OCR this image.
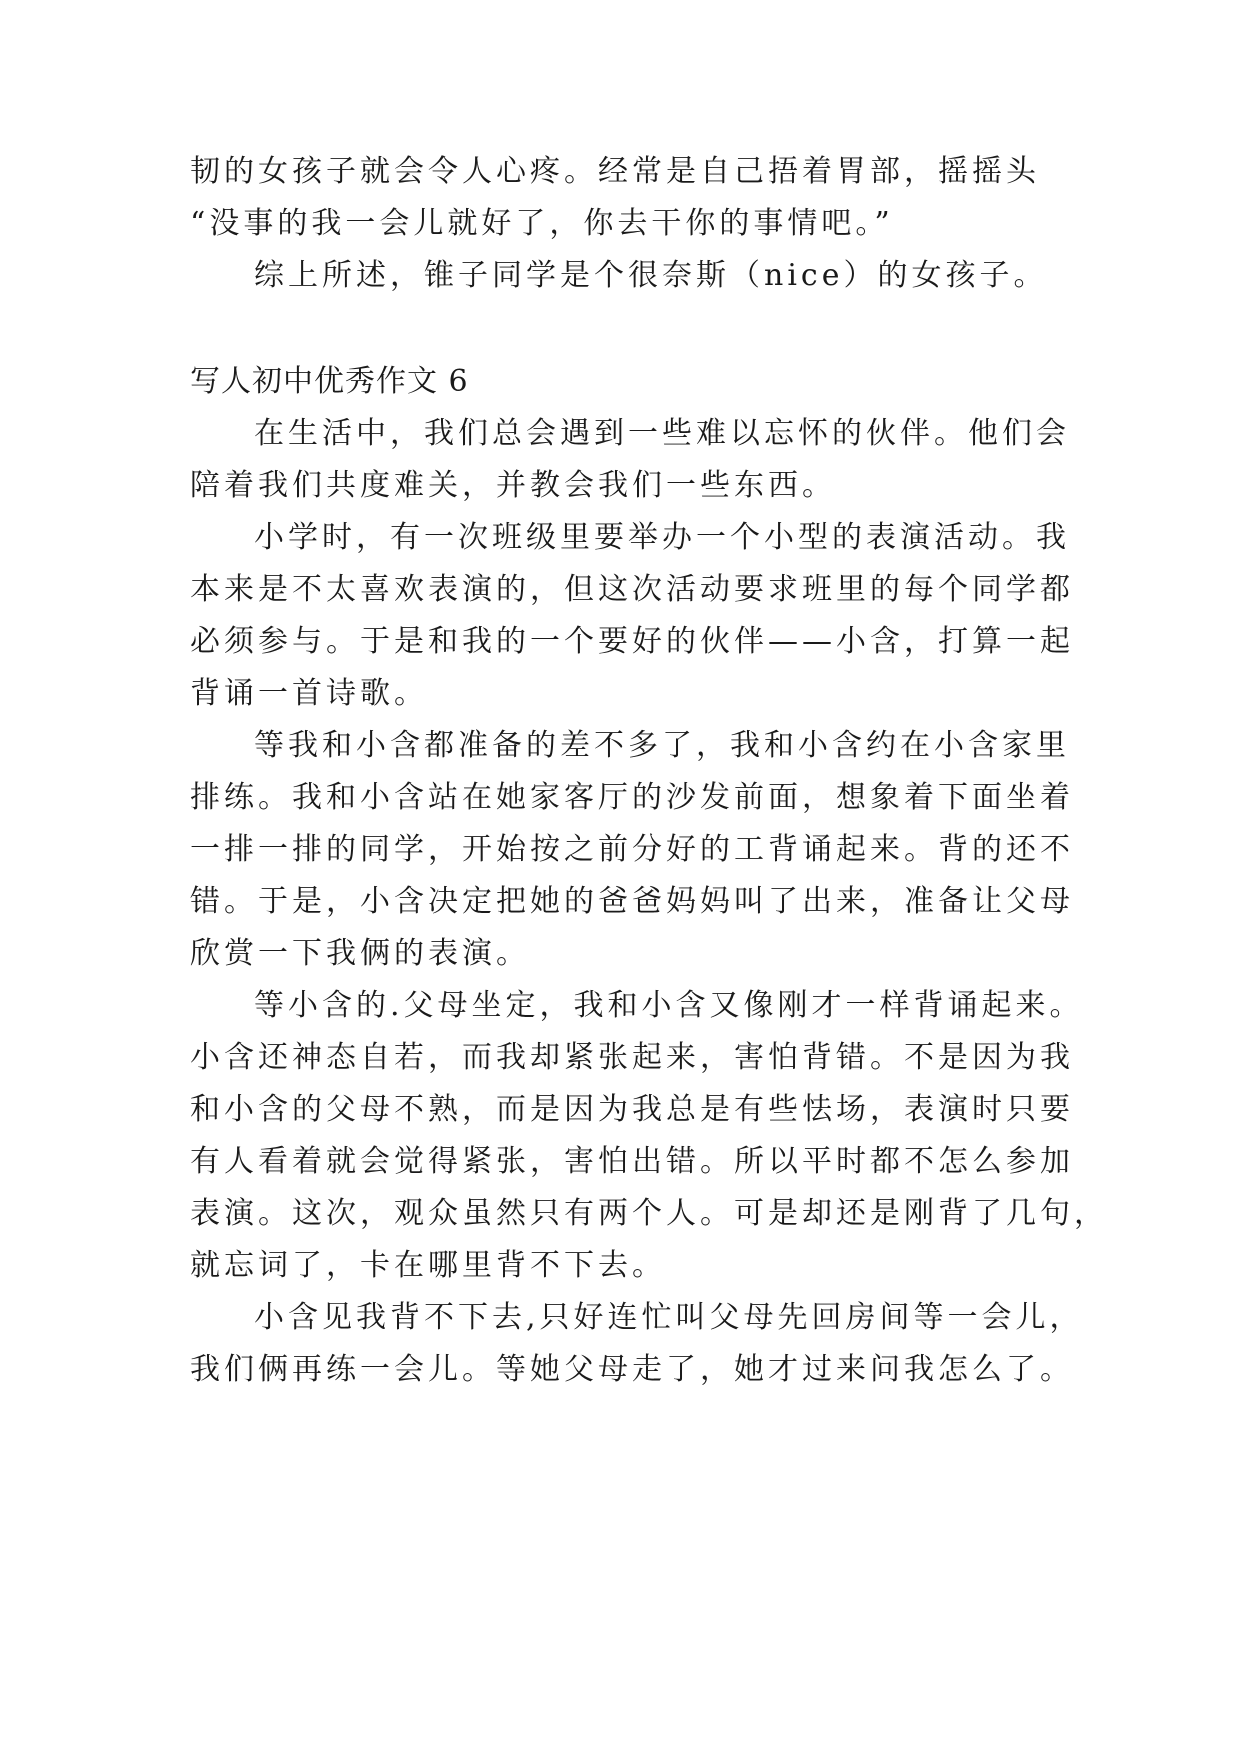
韧的女孩子就会令人心疼。经常是自己捂着胃部，摇摇头
“没事的我一会儿就好了，你去干你的事情吧。”
综上所述，锥子同学是个很奈斯（nice）的女孩子。
写人初中优秀作文 6
在生活中，我们总会遇到一些难以忘怀的伙伴。他们会
陪着我们共度难关，并教会我们一些东西。
小学时，有一次班级里要举办一个小型的表演活动。我
本来是不太喜欢表演的，但这次活动要求班里的每个同学都
必须参与。于是和我的一个要好的伙伴——小含，打算一起
背诵一首诗歌。
等我和小含都准备的差不多了，我和小含约在小含家里
排练。我和小含站在她家客厅的沙发前面，想象着下面坐着
一排一排的同学，开始按之前分好的工背诵起来。背的还不
错。于是，小含决定把她的爸爸妈妈叫了出来，准备让父母
欣赏一下我俩的表演。
等小含的.父母坐定，我和小含又像刚才一样背诵起来。
小含还神态自若，而我却紧张起来，害怕背错。不是因为我
和小含的父母不熟，而是因为我总是有些怯场，表演时只要
有人看着就会觉得紧张，害怕出错。所以平时都不怎么参加
表演。这次，观众虽然只有两个人。可是却还是刚背了几句，
就忘词了，卡在哪里背不下去。
小含见我背不下去,只好连忙叫父母先回房间等一会儿，
我们俩再练一会儿。等她父母走了，她才过来问我怎么了。
